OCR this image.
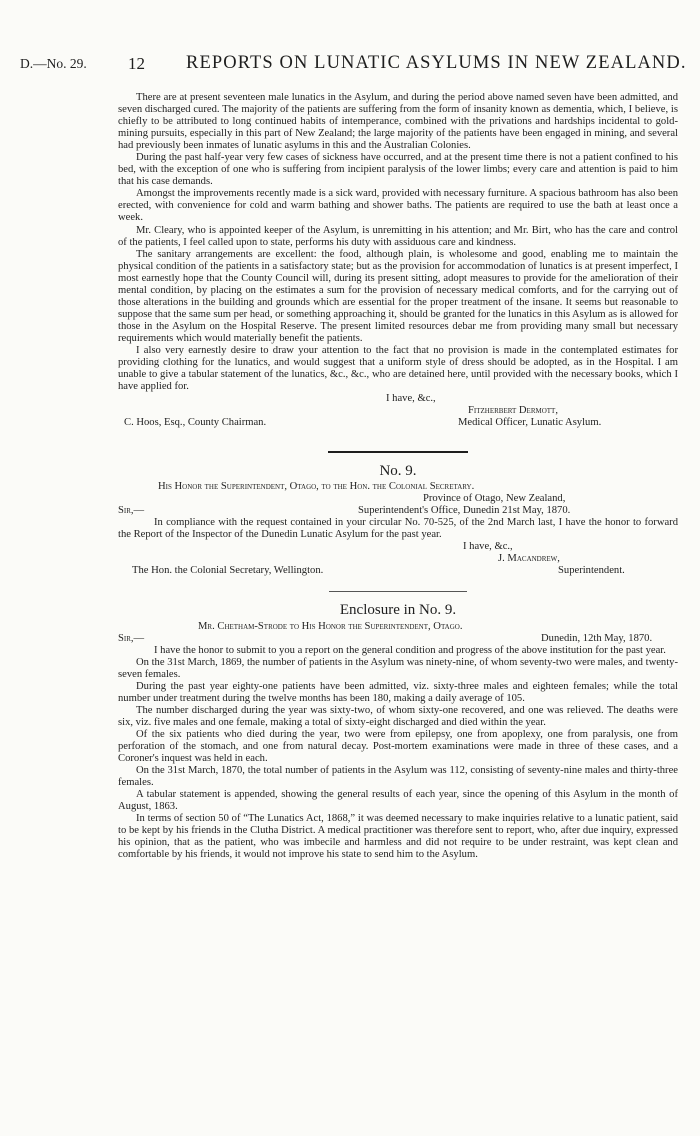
D.—No. 29. 12 REPORTS ON LUNATIC ASYLUMS IN NEW ZEALAND.

There are at present seventeen male lunatics in the Asylum, and during the period above named seven have been admitted, and seven discharged cured. The majority of the patients are suffering from the form of insanity known as dementia, which, I believe, is chiefly to be attributed to long continued habits of intemperance, combined with the privations and hardships incidental to gold-mining pursuits, especially in this part of New Zealand; the large majority of the patients have been engaged in mining, and several had previously been inmates of lunatic asylums in this and the Australian Colonies.

During the past half-year very few cases of sickness have occurred, and at the present time there is not a patient confined to his bed, with the exception of one who is suffering from incipient paralysis of the lower limbs; every care and attention is paid to him that his case demands.

Amongst the improvements recently made is a sick ward, provided with necessary furniture. A spacious bathroom has also been erected, with convenience for cold and warm bathing and shower baths. The patients are required to use the bath at least once a week.

Mr. Cleary, who is appointed keeper of the Asylum, is unremitting in his attention; and Mr. Birt, who has the care and control of the patients, I feel called upon to state, performs his duty with assiduous care and kindness.

The sanitary arrangements are excellent: the food, although plain, is wholesome and good, enabling me to maintain the physical condition of the patients in a satisfactory state; but as the provision for accommodation of lunatics is at present imperfect, I most earnestly hope that the County Council will, during its present sitting, adopt measures to provide for the amelioration of their mental condition, by placing on the estimates a sum for the provision of necessary medical comforts, and for the carrying out of those alterations in the building and grounds which are essential for the proper treatment of the insane. It seems but reasonable to suppose that the same sum per head, or something approaching it, should be granted for the lunatics in this Asylum as is allowed for those in the Asylum on the Hospital Reserve. The present limited resources debar me from providing many small but necessary requirements which would materially benefit the patients.

I also very earnestly desire to draw your attention to the fact that no provision is made in the contemplated estimates for providing clothing for the lunatics, and would suggest that a uniform style of dress should be adopted, as in the Hospital. I am unable to give a tabular statement of the lunatics, &c., &c., who are detained here, until provided with the necessary books, which I have applied for.

I have, &c.,
Fitzherbert Dermott,
Medical Officer, Lunatic Asylum.
C. Hoos, Esq., County Chairman.
No. 9.

His Honor the Superintendent, Otago, to the Hon. the Colonial Secretary.

Province of Otago, New Zealand,
Sir,—	Superintendent's Office, Dunedin 21st May, 1870.

In compliance with the request contained in your circular No. 70-525, of the 2nd March last, I have the honor to forward the Report of the Inspector of the Dunedin Lunatic Asylum for the past year.

I have, &c.,
J. Macandrew,
Superintendent.
The Hon. the Colonial Secretary, Wellington.
Enclosure in No. 9.

Mr. Chetham-Strode to His Honor the Superintendent, Otago.

Sir,—	Dunedin, 12th May, 1870.

I have the honor to submit to you a report on the general condition and progress of the above institution for the past year.

On the 31st March, 1869, the number of patients in the Asylum was ninety-nine, of whom seventy-two were males, and twenty-seven females.

During the past year eighty-one patients have been admitted, viz. sixty-three males and eighteen females; while the total number under treatment during the twelve months has been 180, making a daily average of 105.

The number discharged during the year was sixty-two, of whom sixty-one recovered, and one was relieved. The deaths were six, viz. five males and one female, making a total of sixty-eight discharged and died within the year.

Of the six patients who died during the year, two were from epilepsy, one from apoplexy, one from paralysis, one from perforation of the stomach, and one from natural decay. Post-mortem examinations were made in three of these cases, and a Coroner's inquest was held in each.

On the 31st March, 1870, the total number of patients in the Asylum was 112, consisting of seventy-nine males and thirty-three females.

A tabular statement is appended, showing the general results of each year, since the opening of this Asylum in the month of August, 1863.

In terms of section 50 of “The Lunatics Act, 1868,” it was deemed necessary to make inquiries relative to a lunatic patient, said to be kept by his friends in the Clutha District. A medical practitioner was therefore sent to report, who, after due inquiry, expressed his opinion, that as the patient, who was imbecile and harmless and did not require to be under restraint, was kept clean and comfortable by his friends, it would not improve his state to send him to the Asylum.
